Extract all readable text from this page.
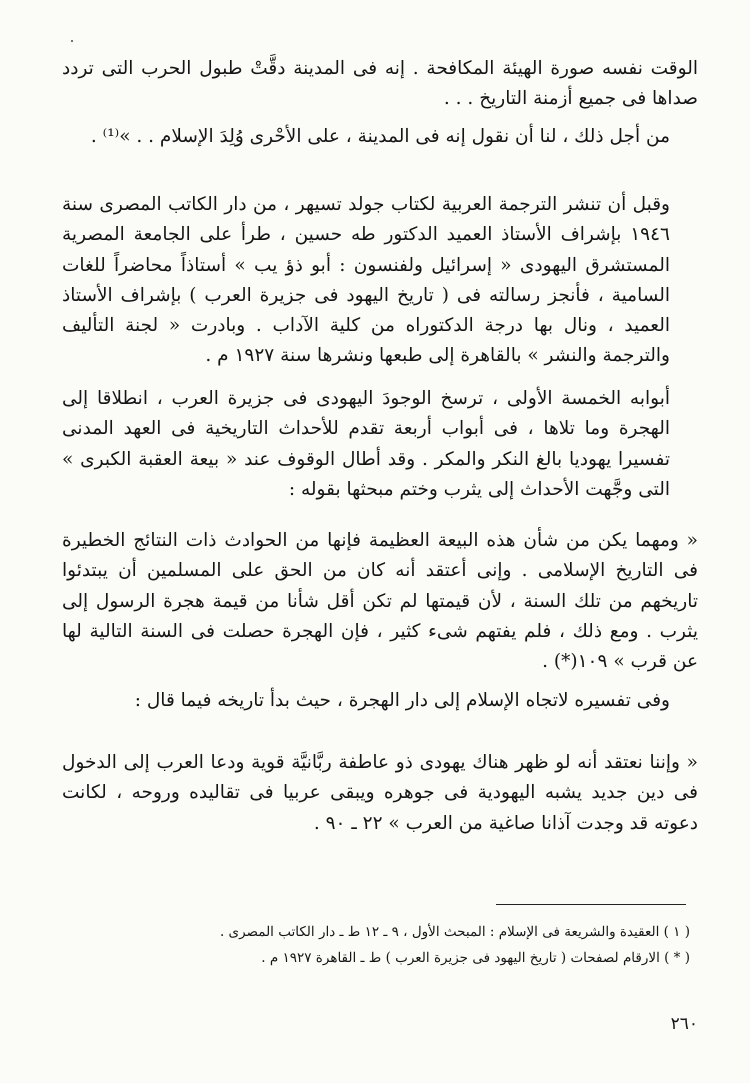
الوقت نفسه صورة الهيئة المكافحة . إنه فى المدينة دقَّتْ طبول الحرب التى تردد صداها فى جميع أزمنة التاريخ . . .
من أجل ذلك ، لنا أن نقول إنه فى المدينة ، على الأحْرى وُلِدَ الإسلام . . »⁽¹⁾ .
وقبل أن تنشر الترجمة العربية لكتاب جولد تسيهر ، من دار الكاتب المصرى سنة ١٩٤٦ بإشراف الأستاذ العميد الدكتور طه حسين ، طرأ على الجامعة المصرية المستشرق اليهودى « إسرائيل ولفنسون : أبو ذؤ يب » أستاذاً محاضراً للغات السامية ، فأنجز رسالته فى ( تاريخ اليهود فى جزيرة العرب ) بإشراف الأستاذ العميد ، ونال بها درجة الدكتوراه من كلية الآداب . وبادرت « لجنة التأليف والترجمة والنشر » بالقاهرة إلى طبعها ونشرها سنة ١٩٢٧ م .
أبوابه الخمسة الأولى ، ترسخ الوجودَ اليهودى فى جزيرة العرب ، انطلاقا إلى الهجرة وما تلاها ، فى أبواب أربعة تقدم للأحداث التاريخية فى العهد المدنى تفسيرا يهوديا بالغ النكر والمكر . وقد أطال الوقوف عند « بيعة العقبة الكبرى » التى وجَّهت الأحداث إلى يثرب وختم مبحثها بقوله :
« ومهما يكن من شأن هذه البيعة العظيمة فإنها من الحوادث ذات النتائج الخطيرة فى التاريخ الإسلامى . وإنى أعتقد أنه كان من الحق على المسلمين أن يبتدئوا تاريخهم من تلك السنة ، لأن قيمتها لم تكن أقل شأنا من قيمة هجرة الرسول إلى يثرب . ومع ذلك ، فلم يفتهم شىء كثير ، فإن الهجرة حصلت فى السنة التالية لها عن قرب » ١٠٩(*) .
وفى تفسيره لاتجاه الإسلام إلى دار الهجرة ، حيث بدأ تاريخه فيما قال :
« وإننا نعتقد أنه لو ظهر هناك يهودى ذو عاطفة ربَّانيَّة قوية ودعا العرب إلى الدخول فى دين جديد يشبه اليهودية فى جوهره ويبقى عربيا فى تقاليده وروحه ، لكانت دعوته قد وجدت آذانا صاغية من العرب » ٢٢ ـ ٩٠ .
( ١ ) العقيدة والشريعة فى الإسلام : المبحث الأول ، ٩ ـ ١٢ ط ـ دار الكاتب المصرى .
( * ) الارقام لصفحات ( تاريخ اليهود فى جزيرة العرب ) ط ـ القاهرة ١٩٢٧ م .
٢٦٠
